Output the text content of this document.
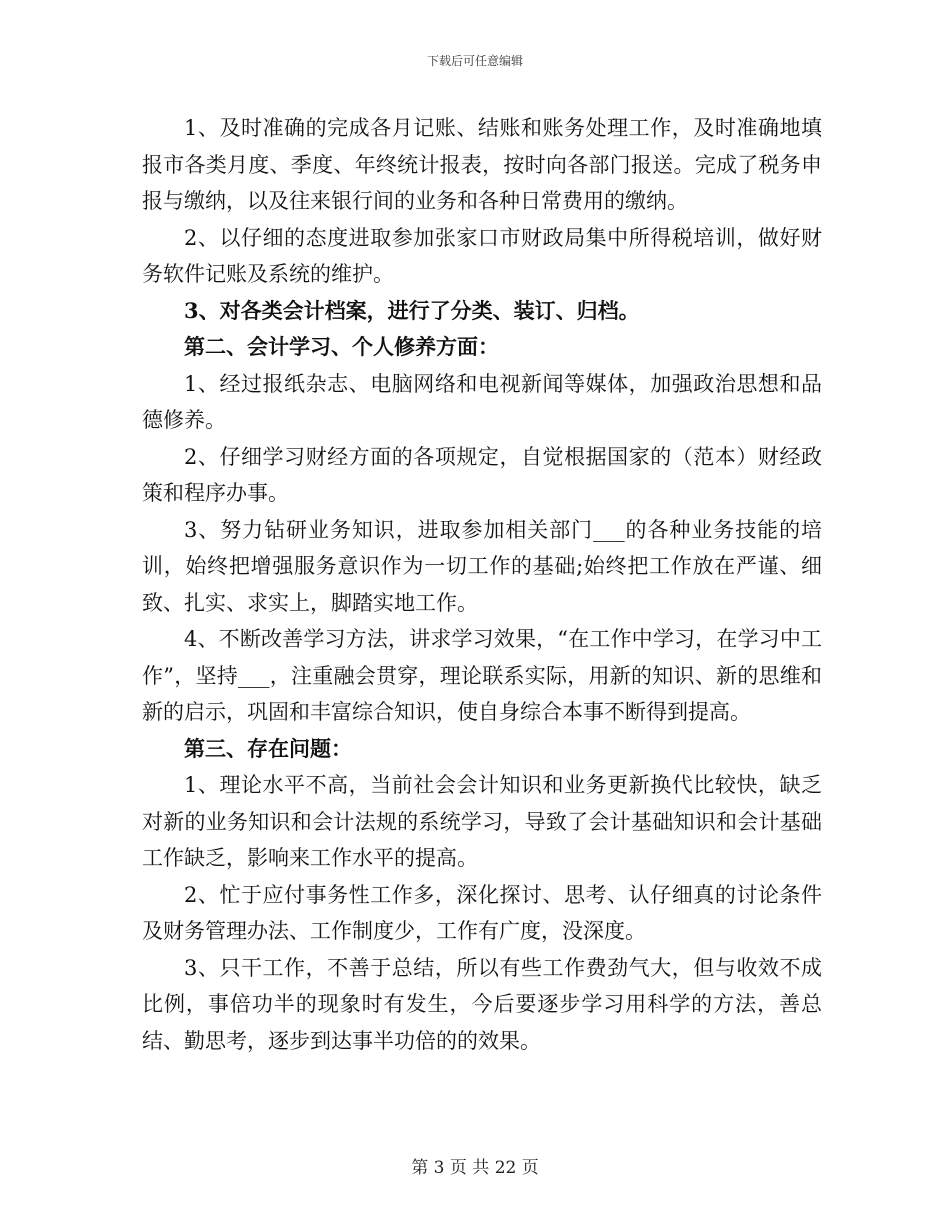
下载后可任意编辑

1、及时准确的完成各月记账、结账和账务处理工作，及时准确地填报市各类月度、季度、年终统计报表，按时向各部门报送。完成了税务申报与缴纳，以及往来银行间的业务和各种日常费用的缴纳。

2、以仔细的态度进取参加张家口市财政局集中所得税培训，做好财务软件记账及系统的维护。

3、对各类会计档案，进行了分类、装订、归档。

第二、会计学习、个人修养方面：

1、经过报纸杂志、电脑网络和电视新闻等媒体，加强政治思想和品德修养。

2、仔细学习财经方面的各项规定，自觉根据国家的（范本）财经政策和程序办事。

3、努力钻研业务知识，进取参加相关部门___的各种业务技能的培训，始终把增强服务意识作为一切工作的基础;始终把工作放在严谨、细致、扎实、求实上，脚踏实地工作。

4、不断改善学习方法，讲求学习效果，“在工作中学习，在学习中工作”，坚持___，注重融会贯穿，理论联系实际，用新的知识、新的思维和新的启示，巩固和丰富综合知识，使自身综合本事不断得到提高。

第三、存在问题：

1、理论水平不高，当前社会会计知识和业务更新换代比较快，缺乏对新的业务知识和会计法规的系统学习，导致了会计基础知识和会计基础工作缺乏，影响来工作水平的提高。

2、忙于应付事务性工作多，深化探讨、思考、认仔细真的讨论条件及财务管理办法、工作制度少，工作有广度，没深度。

3、只干工作，不善于总结，所以有些工作费劲气大，但与收效不成比例，事倍功半的现象时有发生，今后要逐步学习用科学的方法，善总结、勤思考，逐步到达事半功倍的的效果。

第 3 页 共 22 页
